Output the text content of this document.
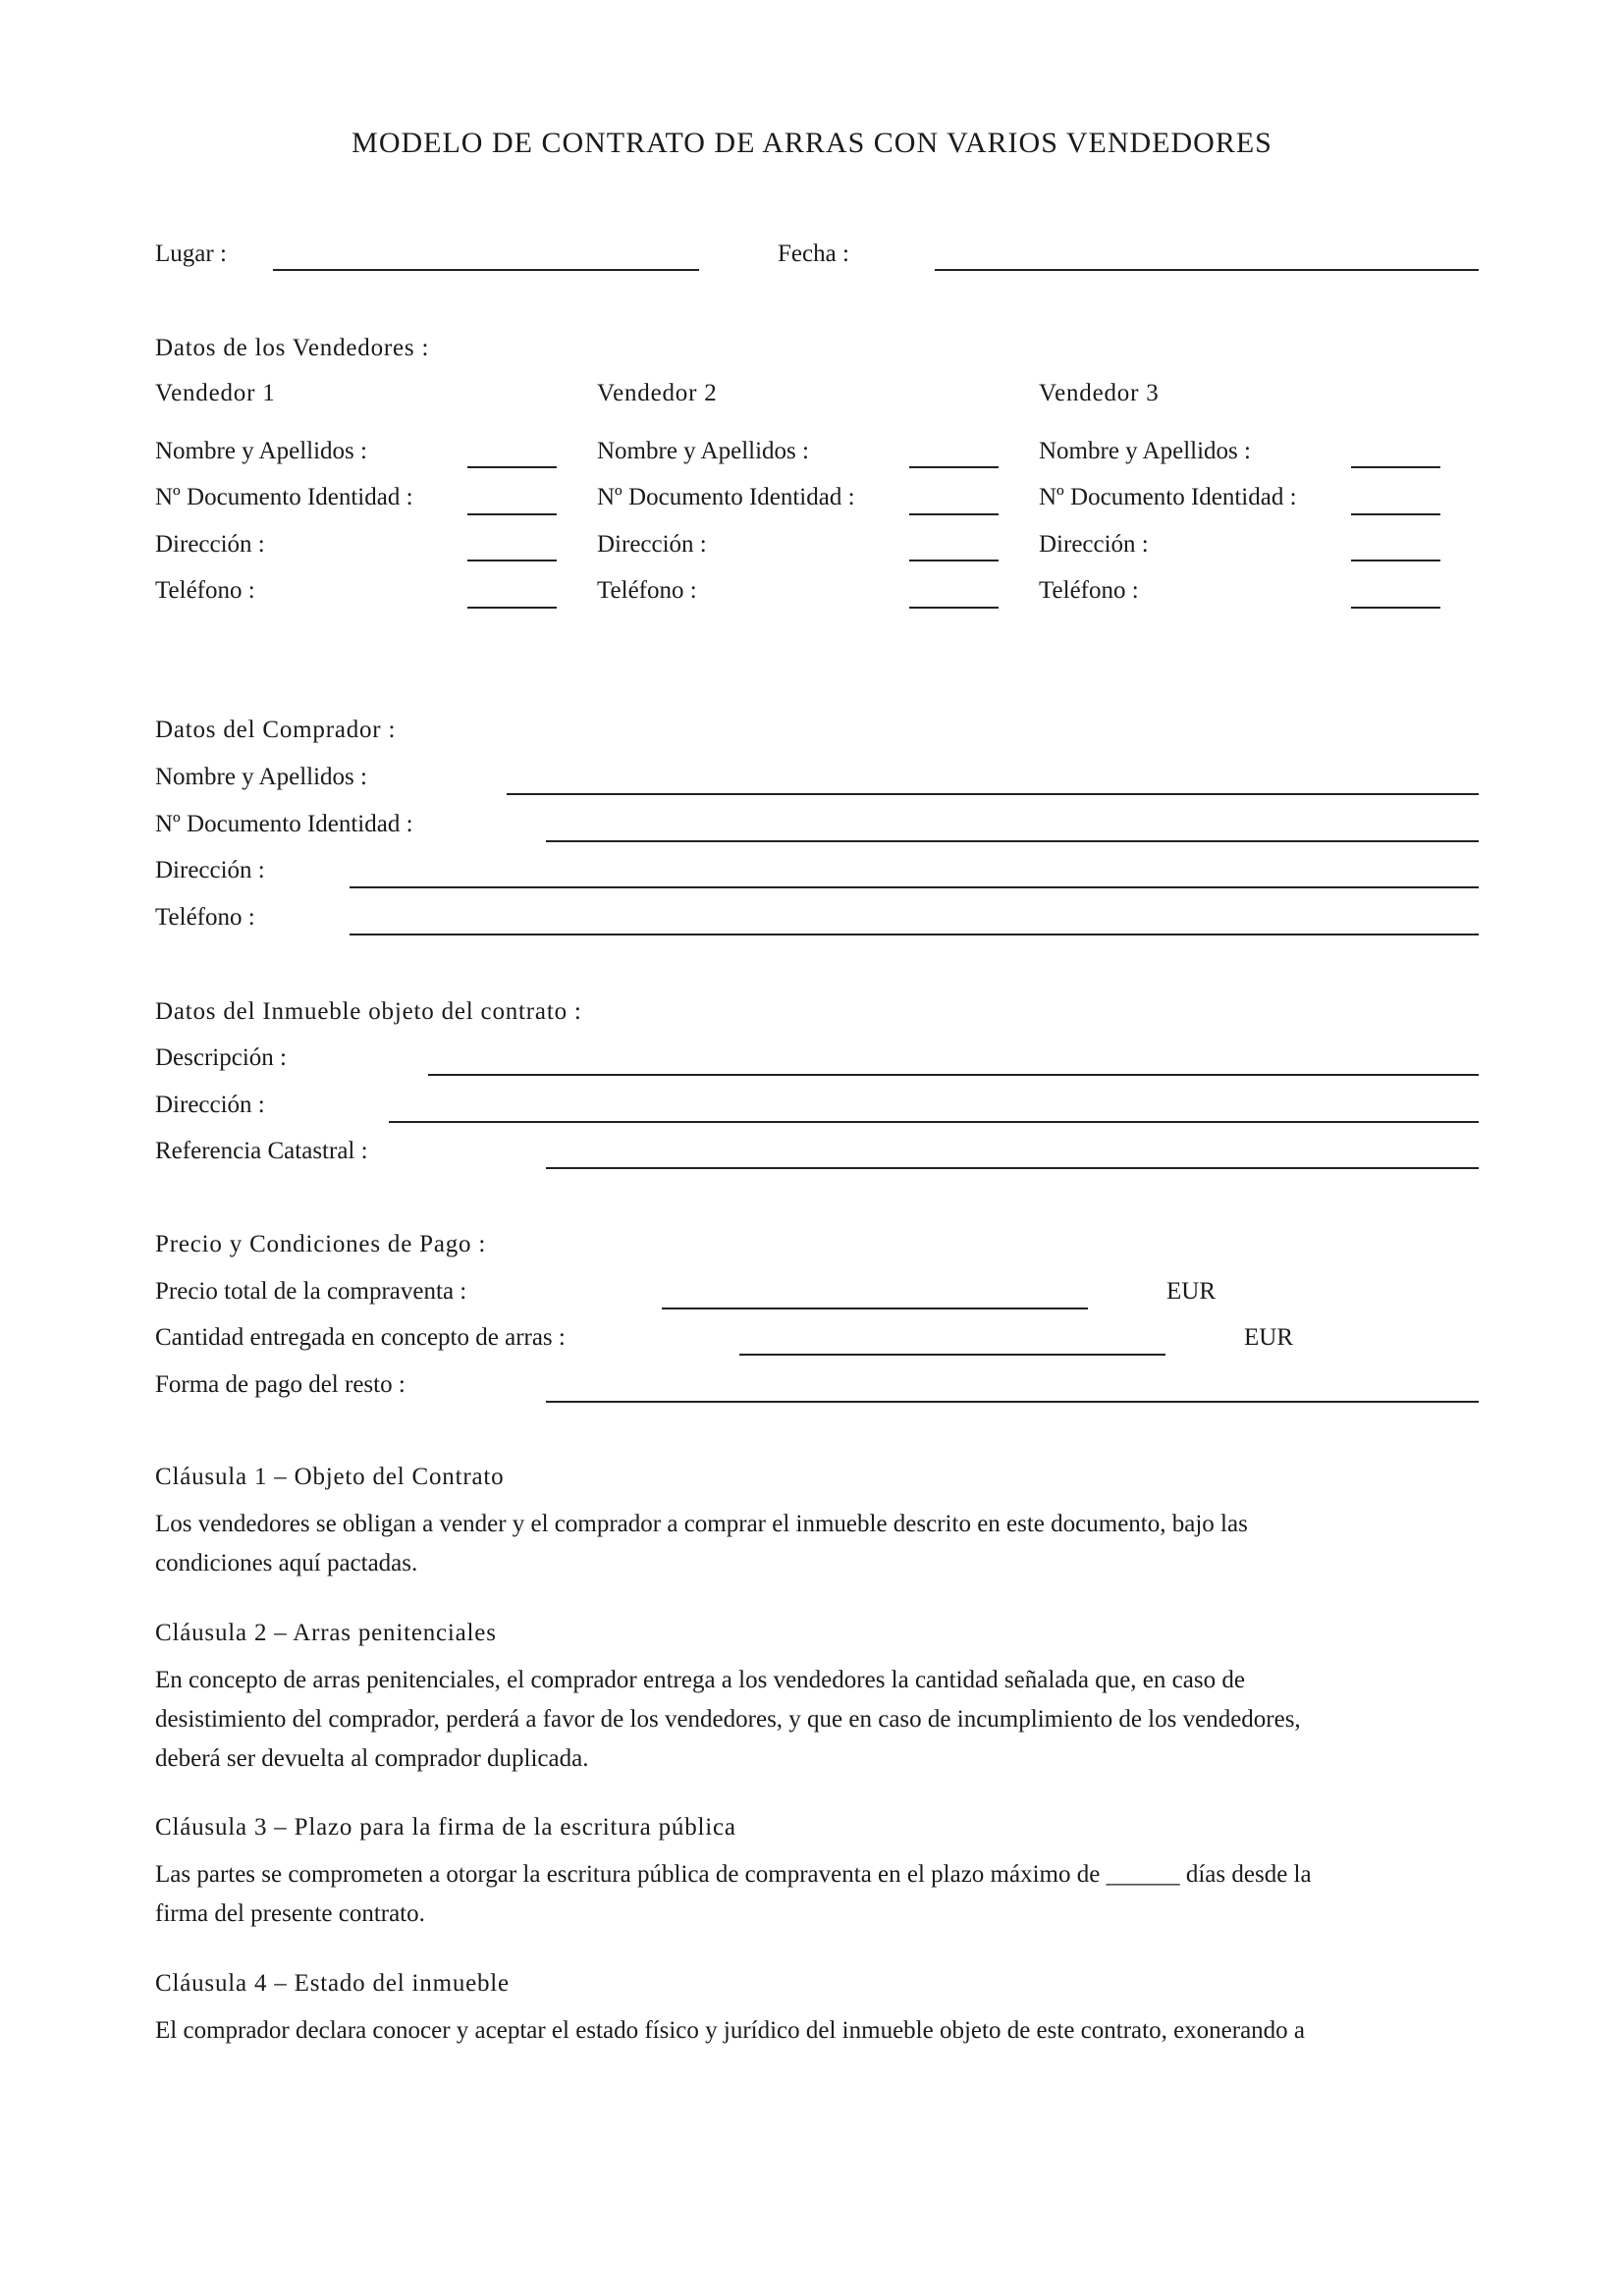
MODELO DE CONTRATO DE ARRAS CON VARIOS VENDEDORES
Lugar :	Fecha :
Datos de los Vendedores :
Vendedor 1
Nombre y Apellidos :
Nº Documento Identidad :
Dirección :
Teléfono :
Vendedor 2
Nombre y Apellidos :
Nº Documento Identidad :
Dirección :
Teléfono :
Vendedor 3
Nombre y Apellidos :
Nº Documento Identidad :
Dirección :
Teléfono :
Datos del Comprador :
Nombre y Apellidos :
Nº Documento Identidad :
Dirección :
Teléfono :
Datos del Inmueble objeto del contrato :
Descripción :
Dirección :
Referencia Catastral :
Precio y Condiciones de Pago :
Precio total de la compraventa :	EUR
Cantidad entregada en concepto de arras :	EUR
Forma de pago del resto :
Cláusula 1 – Objeto del Contrato
Los vendedores se obligan a vender y el comprador a comprar el inmueble descrito en este documento, bajo las
condiciones aquí pactadas.
Cláusula 2 – Arras penitenciales
En concepto de arras penitenciales, el comprador entrega a los vendedores la cantidad señalada que, en caso de
desistimiento del comprador, perderá a favor de los vendedores, y que en caso de incumplimiento de los vendedores,
deberá ser devuelta al comprador duplicada.
Cláusula 3 – Plazo para la firma de la escritura pública
Las partes se comprometen a otorgar la escritura pública de compraventa en el plazo máximo de ______ días desde la
firma del presente contrato.
Cláusula 4 – Estado del inmueble
El comprador declara conocer y aceptar el estado físico y jurídico del inmueble objeto de este contrato, exonerando a
